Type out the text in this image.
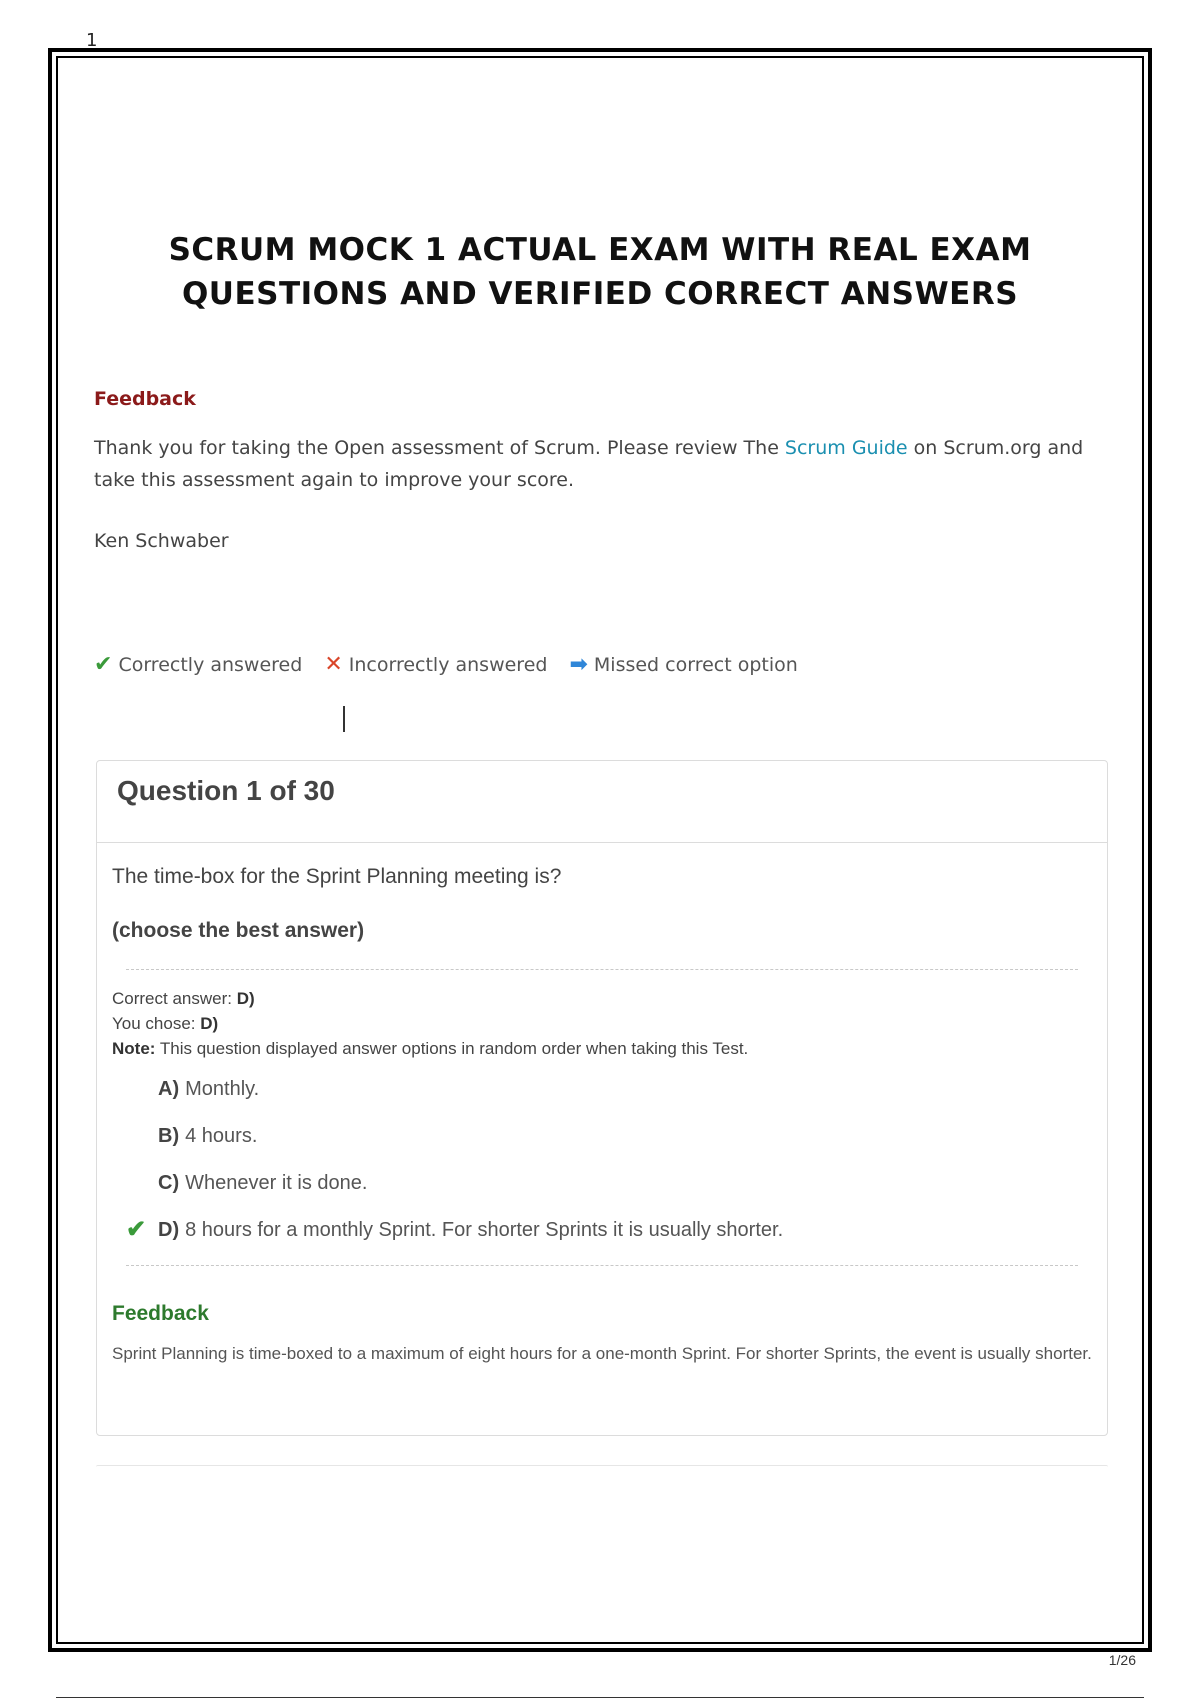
1
SCRUM MOCK 1 ACTUAL EXAM WITH REAL EXAM QUESTIONS AND VERIFIED CORRECT ANSWERS
Feedback
Thank you for taking the Open assessment of Scrum. Please review The Scrum Guide on Scrum.org and take this assessment again to improve your score.
Ken Schwaber
✔ Correctly answered ✕ Incorrectly answered ➡ Missed correct option
Question 1 of 30
The time-box for the Sprint Planning meeting is?
(choose the best answer)
Correct answer: D)
You chose: D)
Note: This question displayed answer options in random order when taking this Test.
A) Monthly.
B) 4 hours.
C) Whenever it is done.
✔ D) 8 hours for a monthly Sprint. For shorter Sprints it is usually shorter.
Feedback
Sprint Planning is time-boxed to a maximum of eight hours for a one-month Sprint. For shorter Sprints, the event is usually shorter.
1/26
